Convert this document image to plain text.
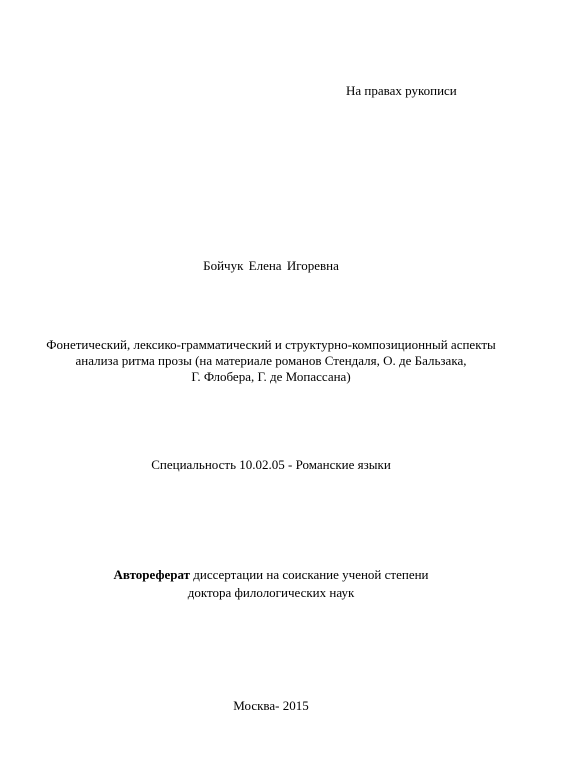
На правах рукописи
Бойчук Елена Игоревна
Фонетический, лексико-грамматический и структурно-композиционный аспекты
анализа ритма прозы (на материале романов Стендаля, О. де Бальзака,
Г. Флобера, Г. де Мопассана)
Специальность 10.02.05 - Романские языки
Автореферат диссертации на соискание ученой степени
доктора филологических наук
Москва- 2015
